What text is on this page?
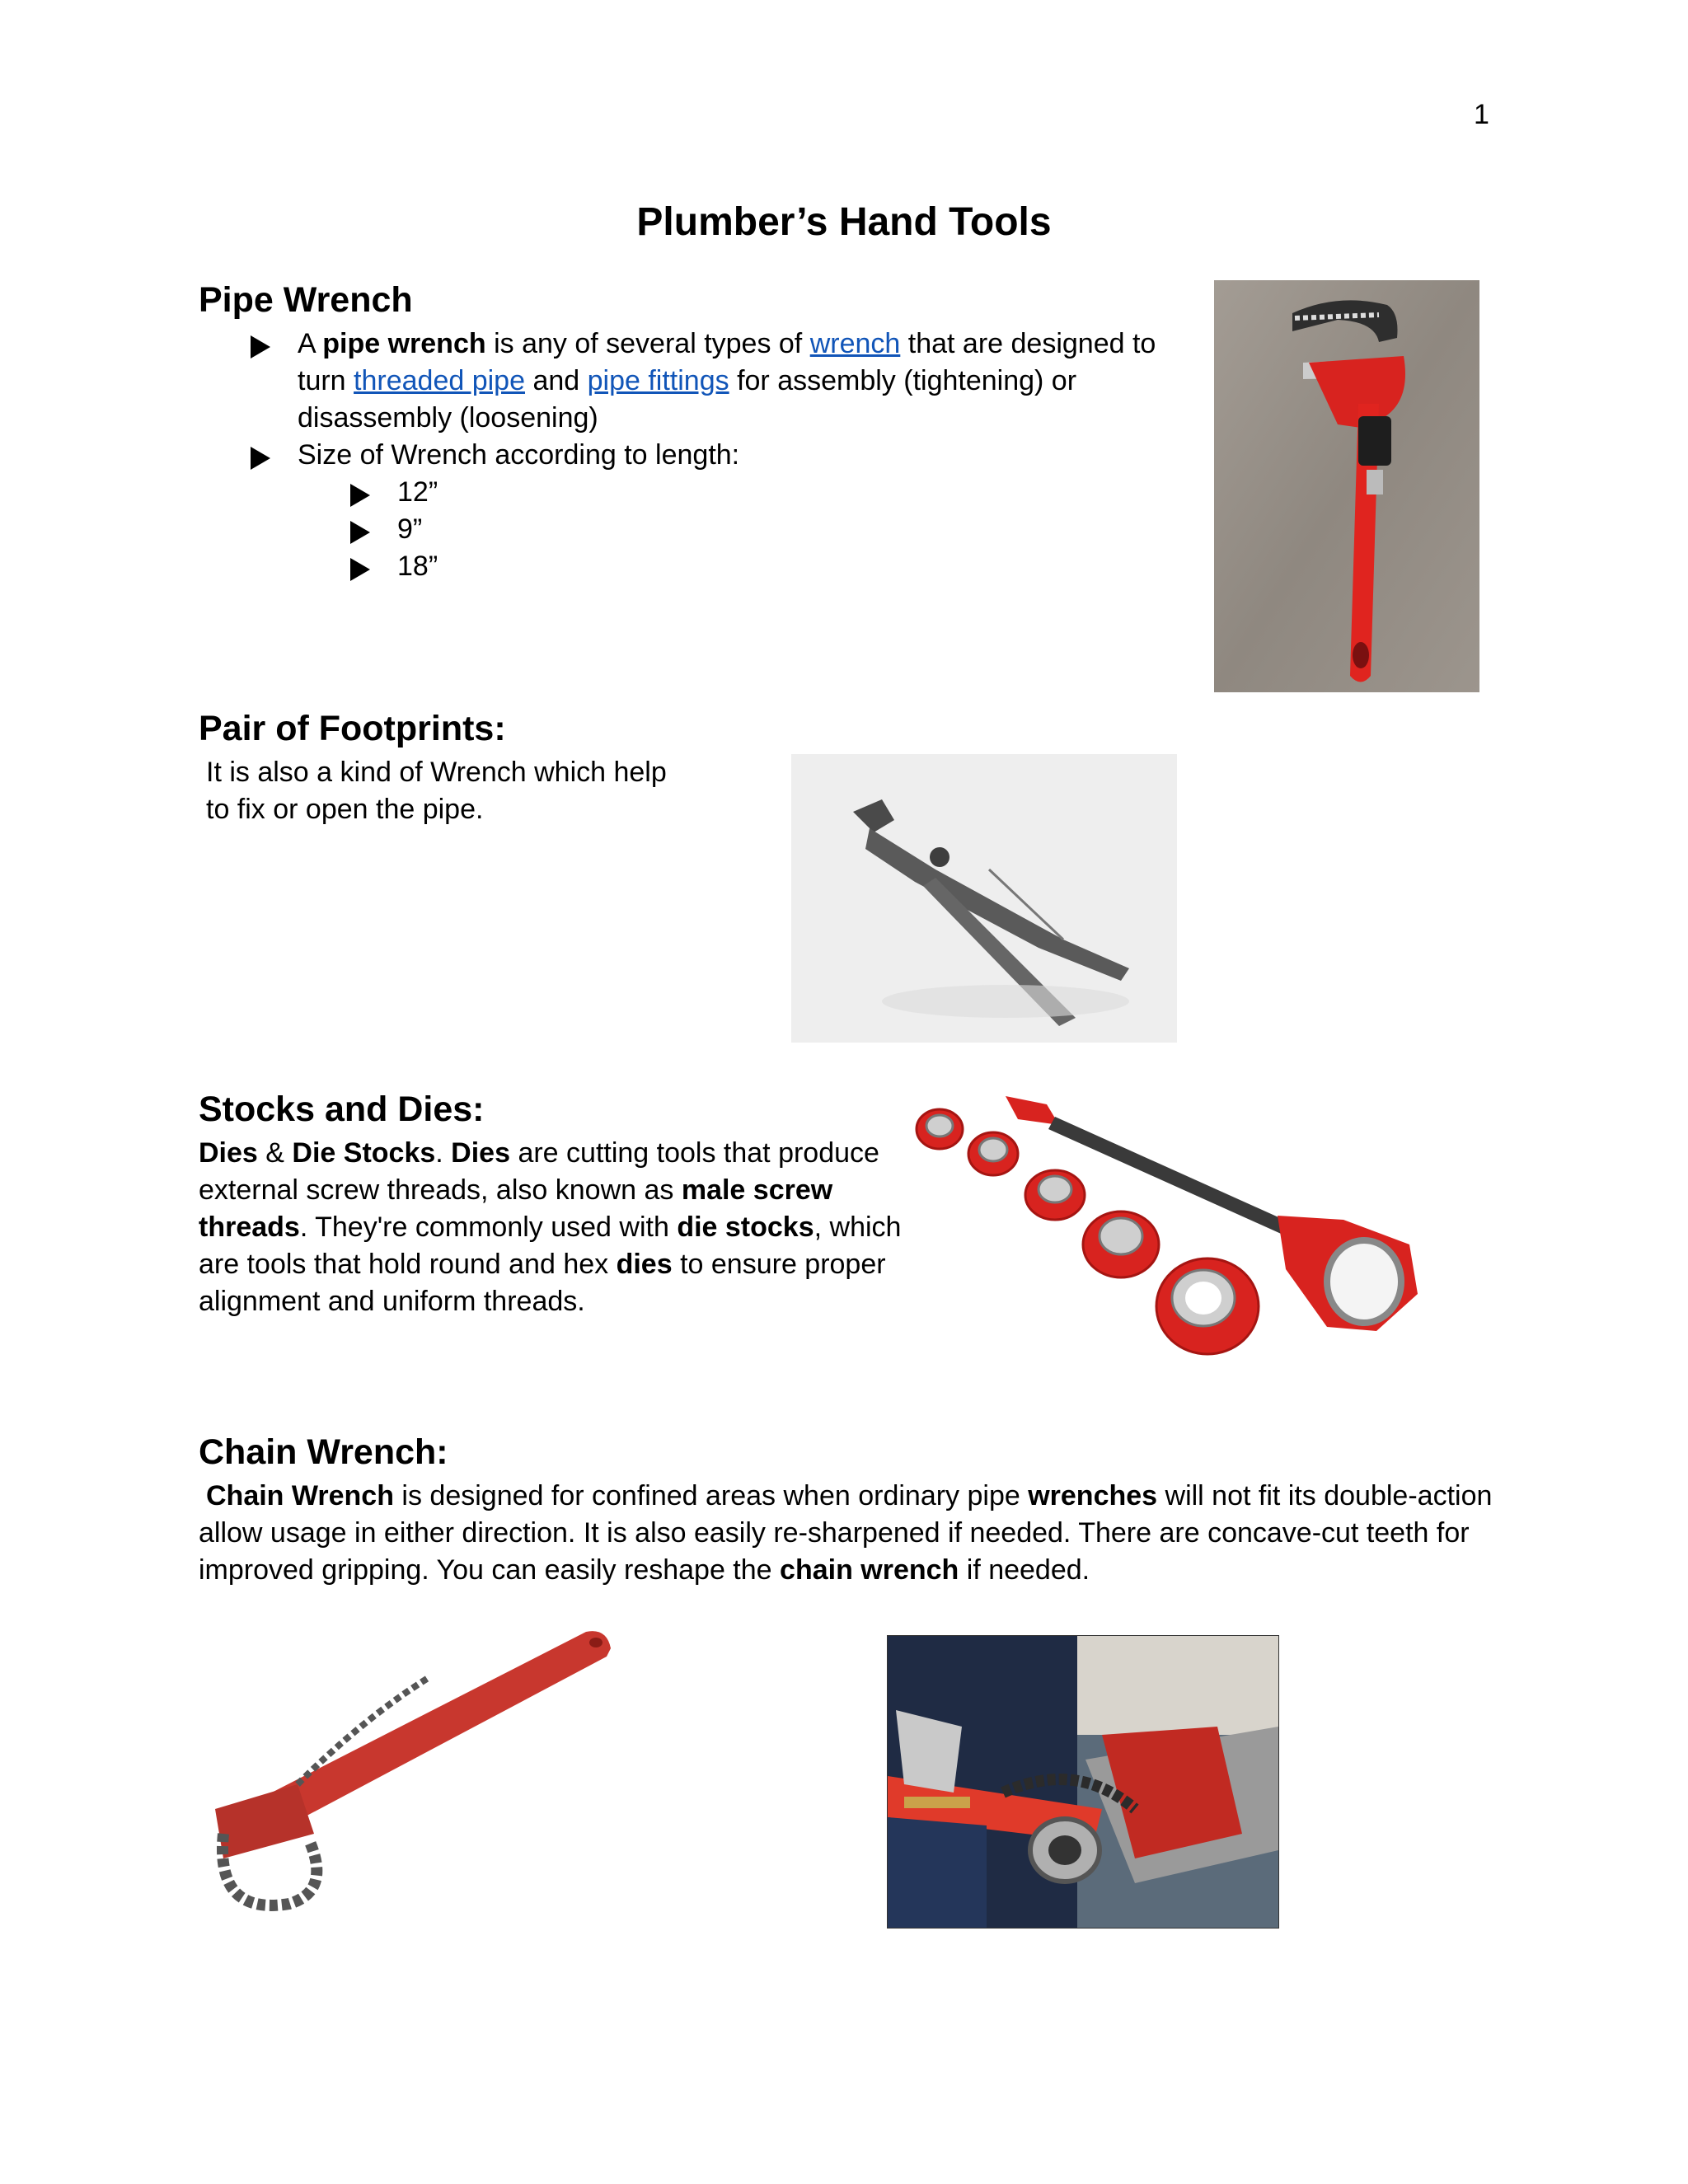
1
Plumber’s Hand Tools
Pipe Wrench
A pipe wrench is any of several types of wrench that are designed to
turn threaded pipe and pipe fittings for assembly (tightening) or
disassembly (loosening)
Size of Wrench according to length:
12”
9”
18”
Pair of Footprints:
It is also a kind of Wrench which help
to fix or open the pipe.
Stocks and Dies:
Dies & Die Stocks. Dies are cutting tools that produce
external screw threads, also known as male screw
threads. They're commonly used with die stocks, which
are tools that hold round and hex dies to ensure proper
alignment and uniform threads.
Chain Wrench:
Chain Wrench is designed for confined areas when ordinary pipe wrenches will not fit its double-action
allow usage in either direction. It is also easily re-sharpened if needed. There are concave-cut teeth for
improved gripping. You can easily reshape the chain wrench if needed.
